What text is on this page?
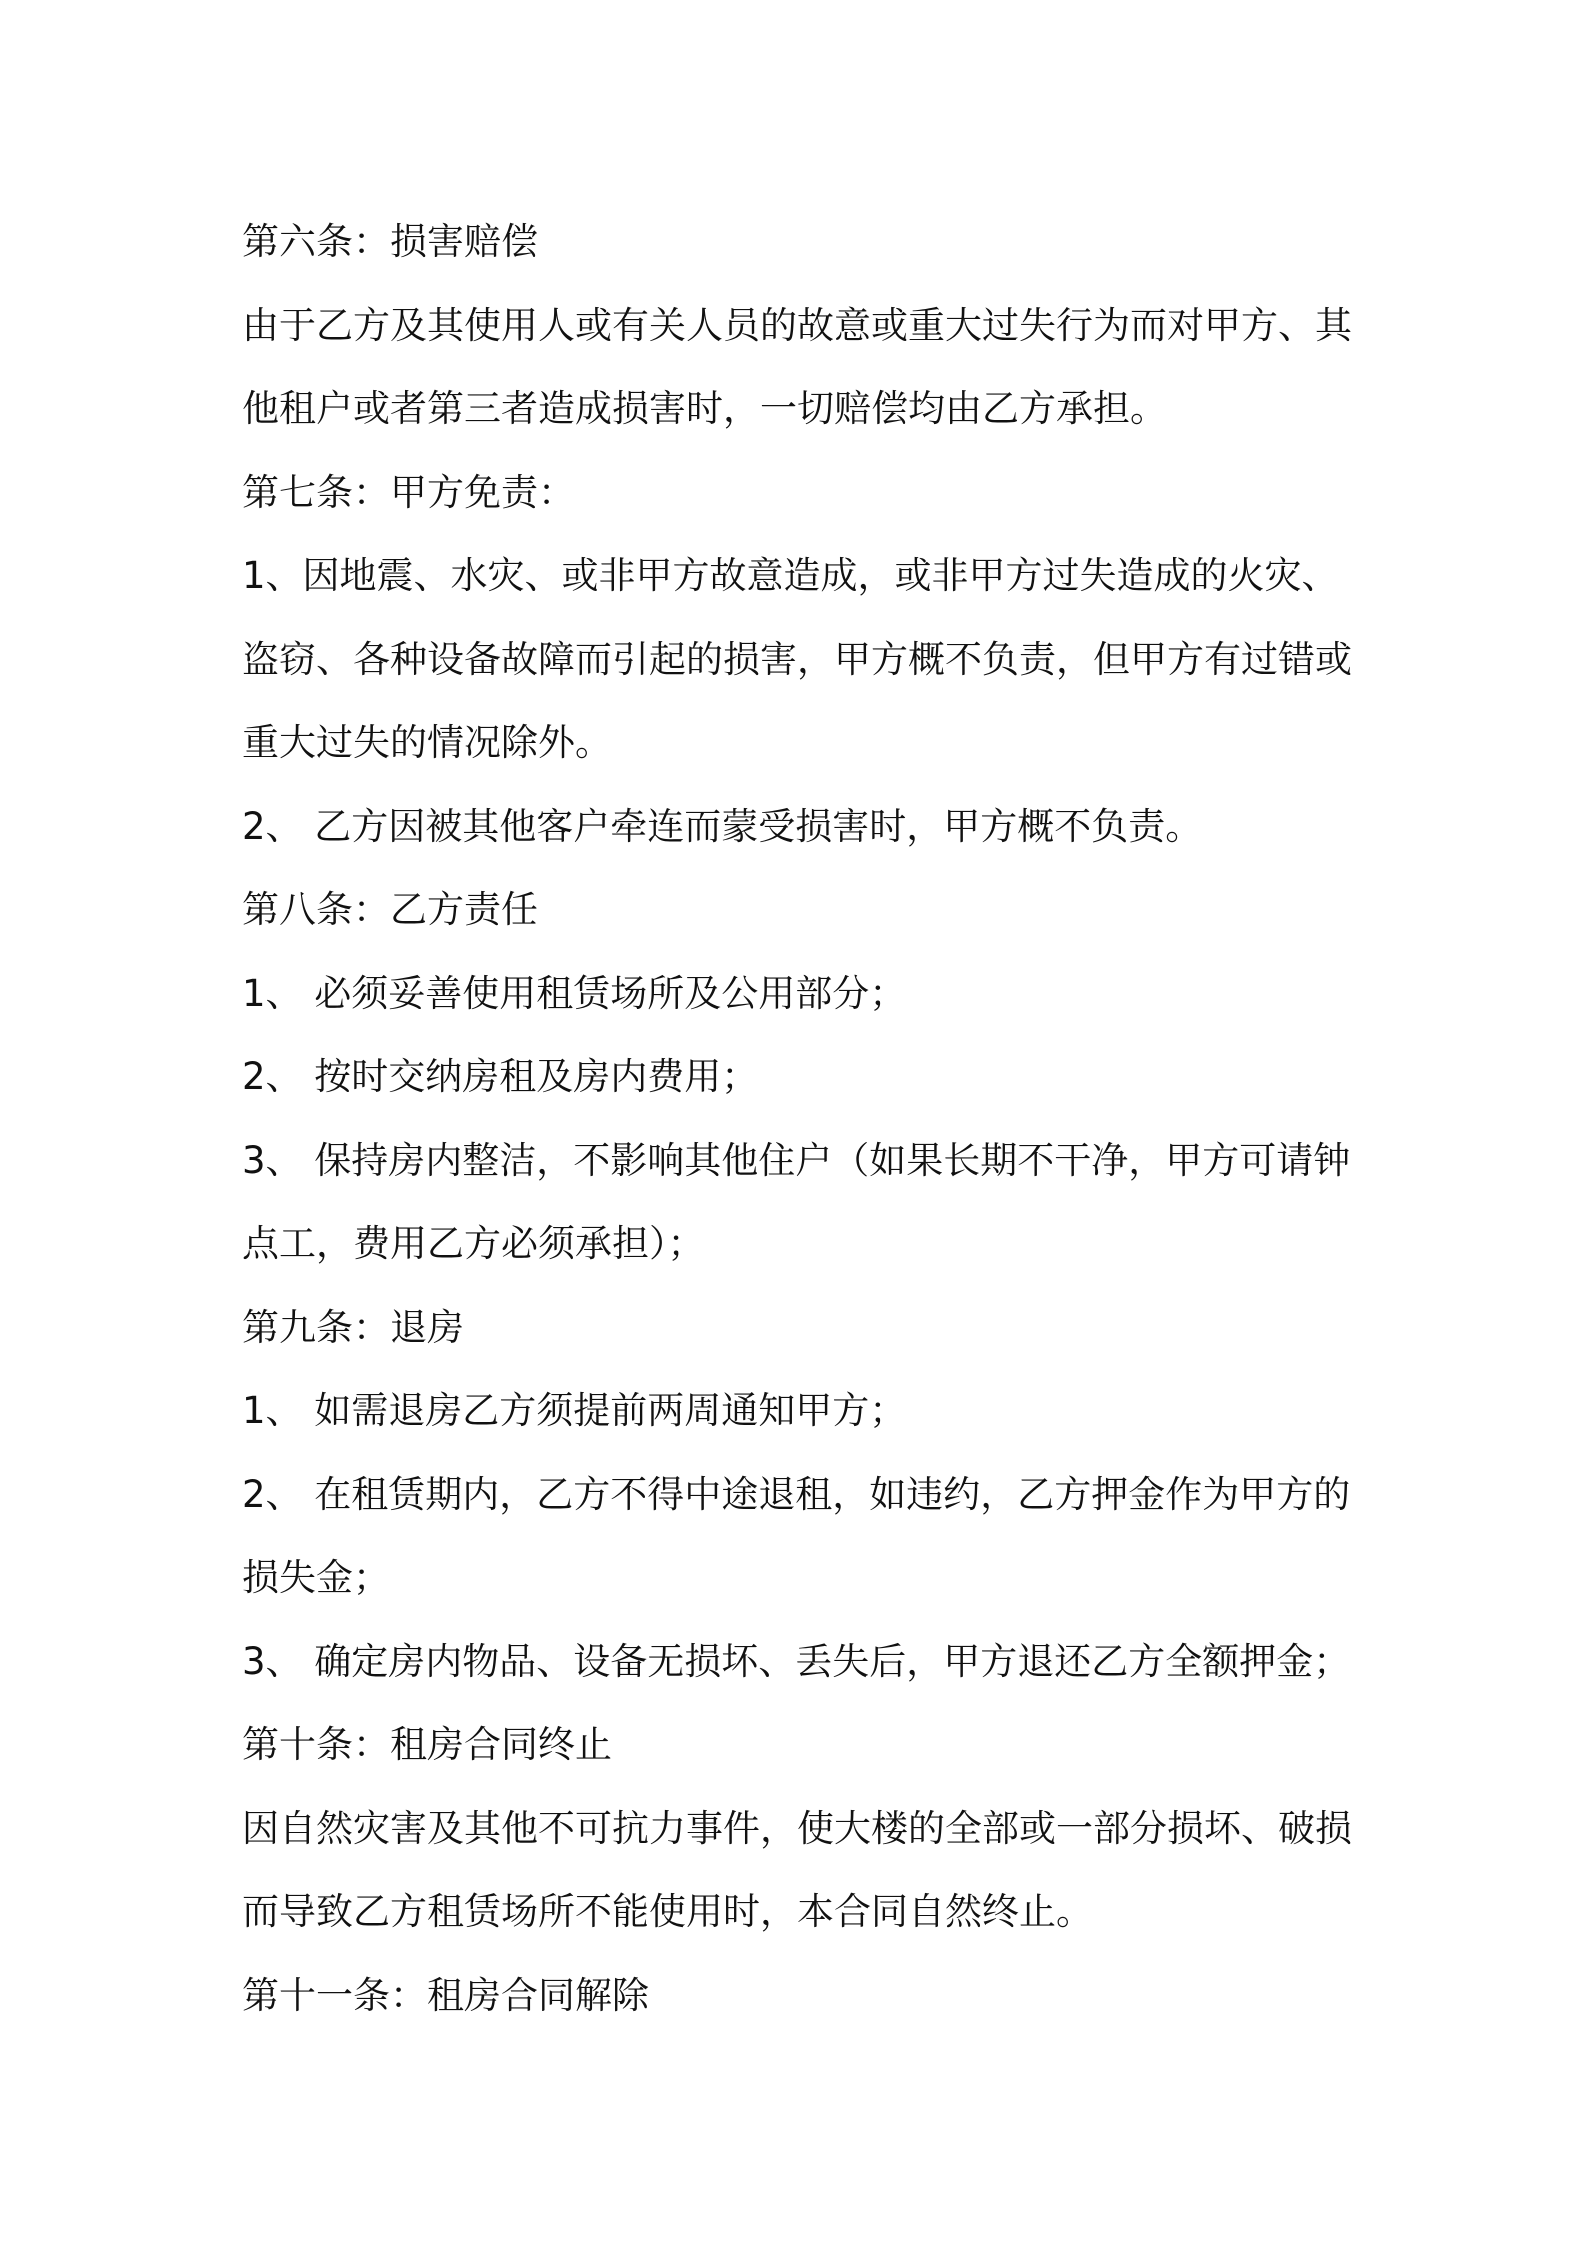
第六条：损害赔偿
由于乙方及其使用人或有关人员的故意或重大过失行为而对甲方、其
他租户或者第三者造成损害时，一切赔偿均由乙方承担。
第七条：甲方免责：
1、因地震、水灾、或非甲方故意造成，或非甲方过失造成的火灾、
盗窃、各种设备故障而引起的损害，甲方概不负责，但甲方有过错或
重大过失的情况除外。
2、 乙方因被其他客户牵连而蒙受损害时，甲方概不负责。
第八条：乙方责任
1、 必须妥善使用租赁场所及公用部分；
2、 按时交纳房租及房内费用；
3、 保持房内整洁，不影响其他住户（如果长期不干净，甲方可请钟
点工，费用乙方必须承担）；
第九条：退房
1、 如需退房乙方须提前两周通知甲方；
2、 在租赁期内，乙方不得中途退租，如违约，乙方押金作为甲方的
损失金；
3、 确定房内物品、设备无损坏、丢失后，甲方退还乙方全额押金；
第十条：租房合同终止
因自然灾害及其他不可抗力事件，使大楼的全部或一部分损坏、破损
而导致乙方租赁场所不能使用时，本合同自然终止。
第十一条：租房合同解除
